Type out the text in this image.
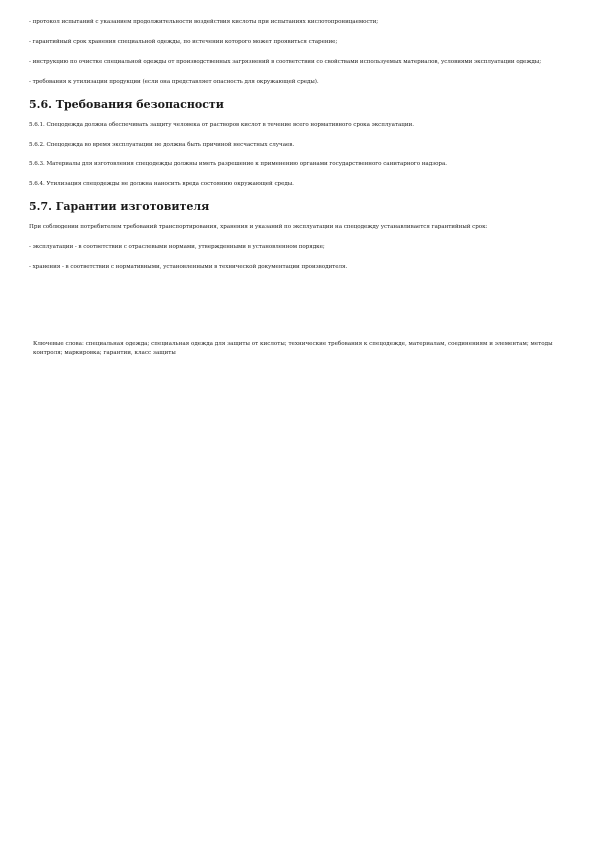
- протокол испытаний с указанием продолжительности воздействия кислоты при испытаниях кислотопроницаемости;

- гарантийный срок хранения специальной одежды, по истечении которого может проявиться старение;

- инструкцию по очистке специальной одежды от производственных загрязнений в соответствии со свойствами используемых материалов, условиями эксплуатации одежды;

- требования к утилизации продукции (если она представляет опасность для окружающей среды).

5.6. Требования безопасности

5.6.1. Спецодежда должна обеспечивать защиту человека от растворов кислот в течение всего нормативного срока эксплуатации.

5.6.2. Спецодежда во время эксплуатации не должна быть причиной несчастных случаев.

5.6.3. Материалы для изготовления спецодежды должны иметь разрешение к применению органами государственного санитарного надзора.

5.6.4. Утилизация спецодежды не должна наносить вреда состоянию окружающей среды.

5.7. Гарантии изготовителя

При соблюдении потребителем требований транспортирования, хранения и указаний по эксплуатации на спецодежду устанавливается гарантийный срок:

- эксплуатации - в соответствии с отраслевыми нормами, утвержденными в установленном порядке;

- хранения - в соответствии с нормативными, установленными в технической документации производителя.

Ключевые слова: специальная одежда; специальная одежда для защиты от кислоты; технические требования к спецодежде, материалам, соединениям и элементам; методы контроля; маркировка; гарантии, класс защиты
